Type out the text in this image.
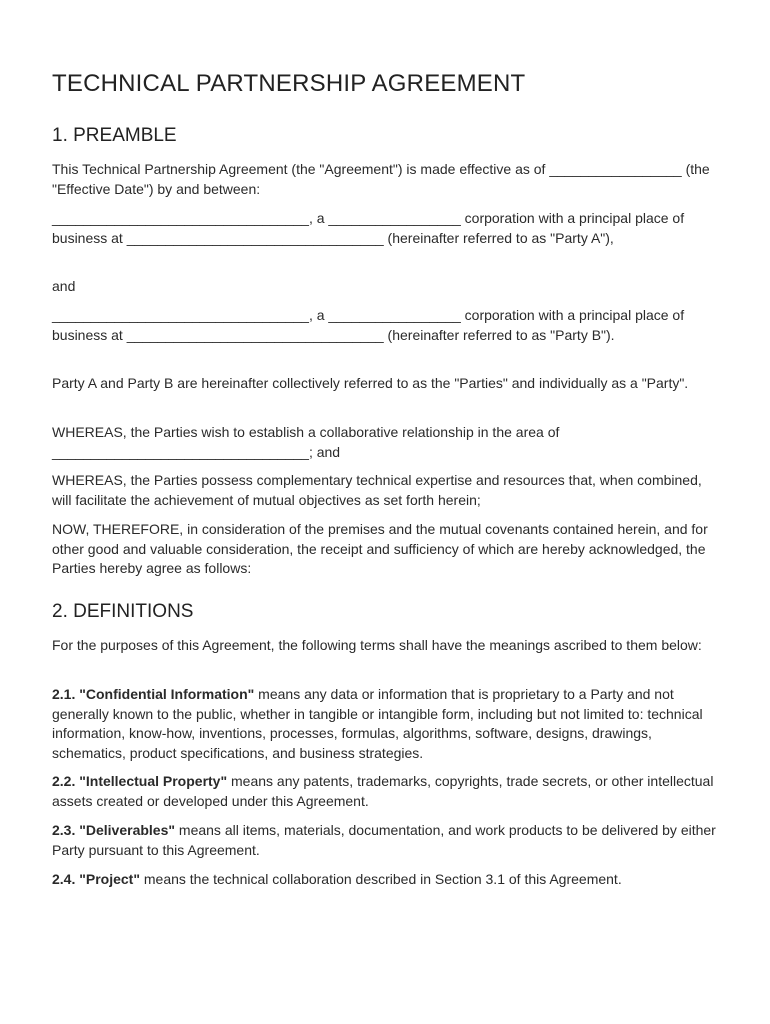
TECHNICAL PARTNERSHIP AGREEMENT
1. PREAMBLE

This Technical Partnership Agreement (the "Agreement") is made effective as of _________________ (the "Effective Date") by and between:

_________________________________, a _________________ corporation with a principal place of business at _________________________________ (hereinafter referred to as "Party A"),

and

_________________________________, a _________________ corporation with a principal place of business at _________________________________ (hereinafter referred to as "Party B").

Party A and Party B are hereinafter collectively referred to as the "Parties" and individually as a "Party".

WHEREAS, the Parties wish to establish a collaborative relationship in the area of _________________________________; and

WHEREAS, the Parties possess complementary technical expertise and resources that, when combined, will facilitate the achievement of mutual objectives as set forth herein;

NOW, THEREFORE, in consideration of the premises and the mutual covenants contained herein, and for other good and valuable consideration, the receipt and sufficiency of which are hereby acknowledged, the Parties hereby agree as follows:

2. DEFINITIONS

For the purposes of this Agreement, the following terms shall have the meanings ascribed to them below:

2.1. "Confidential Information" means any data or information that is proprietary to a Party and not generally known to the public, whether in tangible or intangible form, including but not limited to: technical information, know-how, inventions, processes, formulas, algorithms, software, designs, drawings, schematics, product specifications, and business strategies.

2.2. "Intellectual Property" means any patents, trademarks, copyrights, trade secrets, or other intellectual assets created or developed under this Agreement.

2.3. "Deliverables" means all items, materials, documentation, and work products to be delivered by either Party pursuant to this Agreement.

2.4. "Project" means the technical collaboration described in Section 3.1 of this Agreement.
